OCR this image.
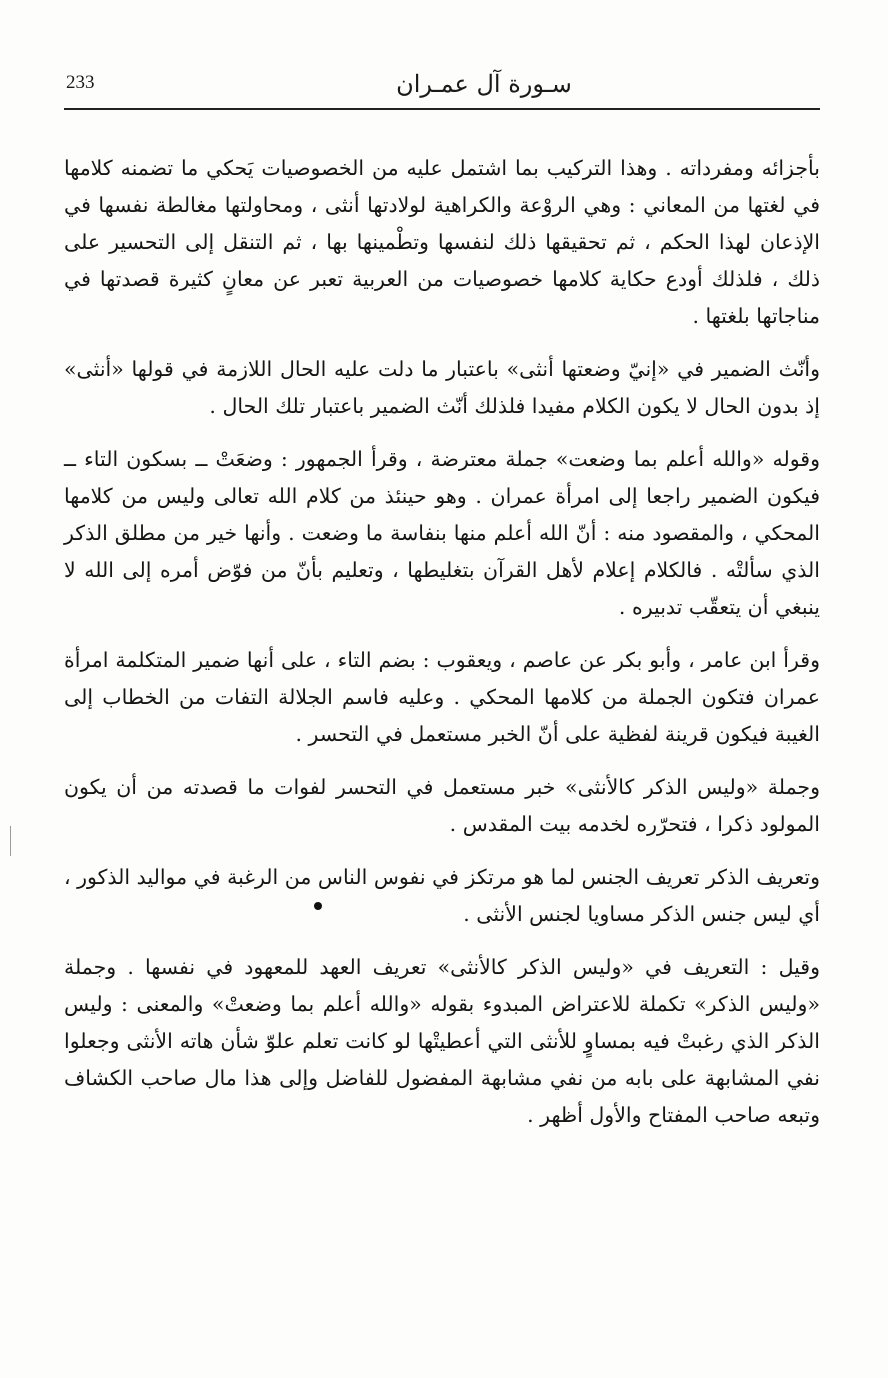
233	سـورة آل عمـران

بأجزائه ومفرداته . وهذا التركيب بما اشتمل عليه من الخصوصيات يَحكي ما تضمنه كلامها في لغتها من المعاني : وهي الروْعة والكراهية لولادتها أنثى ، ومحاولتها مغالطة نفسها في الإذعان لهذا الحكم ، ثم تحقيقها ذلك لنفسها وتطْمينها بها ، ثم التنقل إلى التحسير على ذلك ، فلذلك أودع حكاية كلامها خصوصيات من العربية تعبر عن معانٍ كثيرة قصدتها في مناجاتها بلغتها .

وأنّث الضمير في «إنيّ وضعتها أنثى» باعتبار ما دلت عليه الحال اللازمة في قولها «أنثى» إذ بدون الحال لا يكون الكلام مفيدا فلذلك أنّث الضمير باعتبار تلك الحال .

وقوله «والله أعلم بما وضعت» جملة معترضة ، وقرأ الجمهور : وضعَتْ ــ بسكون التاء ــ فيكون الضمير راجعا إلى امرأة عمران . وهو حينئذ من كلام الله تعالى وليس من كلامها المحكي ، والمقصود منه : أنّ الله أعلم منها بنفاسة ما وضعت . وأنها خير من مطلق الذكر الذي سألتْه . فالكلام إعلام لأهل القرآن بتغليطها ، وتعليم بأنّ من فوّض أمره إلى الله لا ينبغي أن يتعقّب تدبيره .

وقرأ ابن عامر ، وأبو بكر عن عاصم ، ويعقوب : بضم التاء ، على أنها ضمير المتكلمة امرأة عمران فتكون الجملة من كلامها المحكي . وعليه فاسم الجلالة التفات من الخطاب إلى الغيبة فيكون قرينة لفظية على أنّ الخبر مستعمل في التحسر .

وجملة «وليس الذكر كالأنثى» خبر مستعمل في التحسر لفوات ما قصدته من أن يكون المولود ذكرا ، فتحرّره لخدمه بيت المقدس .

وتعريف الذكر تعريف الجنس لما هو مرتكز في نفوس الناس من الرغبة في مواليد الذكور ، أي ليس جنس الذكر مساويا لجنس الأنثى .

وقيل : التعريف في «وليس الذكر كالأنثى» تعريف العهد للمعهود في نفسها . وجملة «وليس الذكر» تكملة للاعتراض المبدوء بقوله «والله أعلم بما وضعتْ» والمعنى : وليس الذكر الذي رغبتْ فيه بمساوٍ للأنثى التي أعطيتْها لو كانت تعلم علوّ شأن هاته الأنثى وجعلوا نفي المشابهة على بابه من نفي مشابهة المفضول للفاضل وإلى هذا مال صاحب الكشاف وتبعه صاحب المفتاح والأول أظهر .
